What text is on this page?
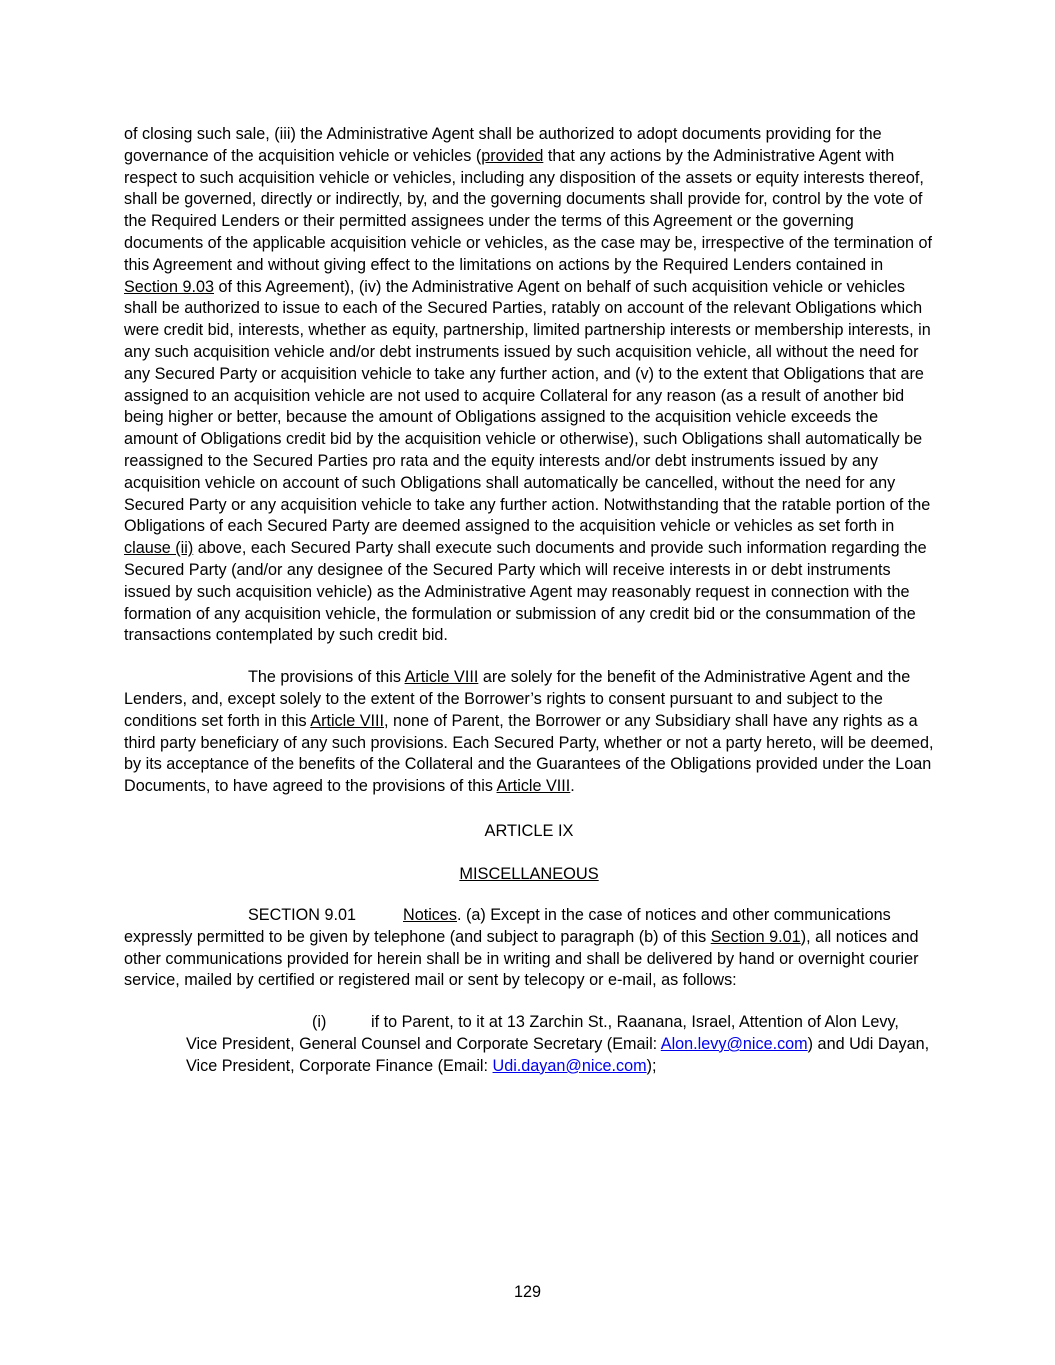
of closing such sale, (iii) the Administrative Agent shall be authorized to adopt documents providing for the governance of the acquisition vehicle or vehicles (provided that any actions by the Administrative Agent with respect to such acquisition vehicle or vehicles, including any disposition of the assets or equity interests thereof, shall be governed, directly or indirectly, by, and the governing documents shall provide for, control by the vote of the Required Lenders or their permitted assignees under the terms of this Agreement or the governing documents of the applicable acquisition vehicle or vehicles, as the case may be, irrespective of the termination of this Agreement and without giving effect to the limitations on actions by the Required Lenders contained in Section 9.03 of this Agreement), (iv) the Administrative Agent on behalf of such acquisition vehicle or vehicles shall be authorized to issue to each of the Secured Parties, ratably on account of the relevant Obligations which were credit bid, interests, whether as equity, partnership, limited partnership interests or membership interests, in any such acquisition vehicle and/or debt instruments issued by such acquisition vehicle, all without the need for any Secured Party or acquisition vehicle to take any further action, and (v) to the extent that Obligations that are assigned to an acquisition vehicle are not used to acquire Collateral for any reason (as a result of another bid being higher or better, because the amount of Obligations assigned to the acquisition vehicle exceeds the amount of Obligations credit bid by the acquisition vehicle or otherwise), such Obligations shall automatically be reassigned to the Secured Parties pro rata and the equity interests and/or debt instruments issued by any acquisition vehicle on account of such Obligations shall automatically be cancelled, without the need for any Secured Party or any acquisition vehicle to take any further action. Notwithstanding that the ratable portion of the Obligations of each Secured Party are deemed assigned to the acquisition vehicle or vehicles as set forth in clause (ii) above, each Secured Party shall execute such documents and provide such information regarding the Secured Party (and/or any designee of the Secured Party which will receive interests in or debt instruments issued by such acquisition vehicle) as the Administrative Agent may reasonably request in connection with the formation of any acquisition vehicle, the formulation or submission of any credit bid or the consummation of the transactions contemplated by such credit bid.

The provisions of this Article VIII are solely for the benefit of the Administrative Agent and the Lenders, and, except solely to the extent of the Borrower’s rights to consent pursuant to and subject to the conditions set forth in this Article VIII, none of Parent, the Borrower or any Subsidiary shall have any rights as a third party beneficiary of any such provisions. Each Secured Party, whether or not a party hereto, will be deemed, by its acceptance of the benefits of the Collateral and the Guarantees of the Obligations provided under the Loan Documents, to have agreed to the provisions of this Article VIII.

ARTICLE IX

MISCELLANEOUS

SECTION 9.01	Notices. (a) Except in the case of notices and other communications expressly permitted to be given by telephone (and subject to paragraph (b) of this Section 9.01), all notices and other communications provided for herein shall be in writing and shall be delivered by hand or overnight courier service, mailed by certified or registered mail or sent by telecopy or e-mail, as follows:

(i)	if to Parent, to it at 13 Zarchin St., Raanana, Israel, Attention of Alon Levy, Vice President, General Counsel and Corporate Secretary (Email: Alon.levy@nice.com) and Udi Dayan, Vice President, Corporate Finance (Email: Udi.dayan@nice.com);

129
